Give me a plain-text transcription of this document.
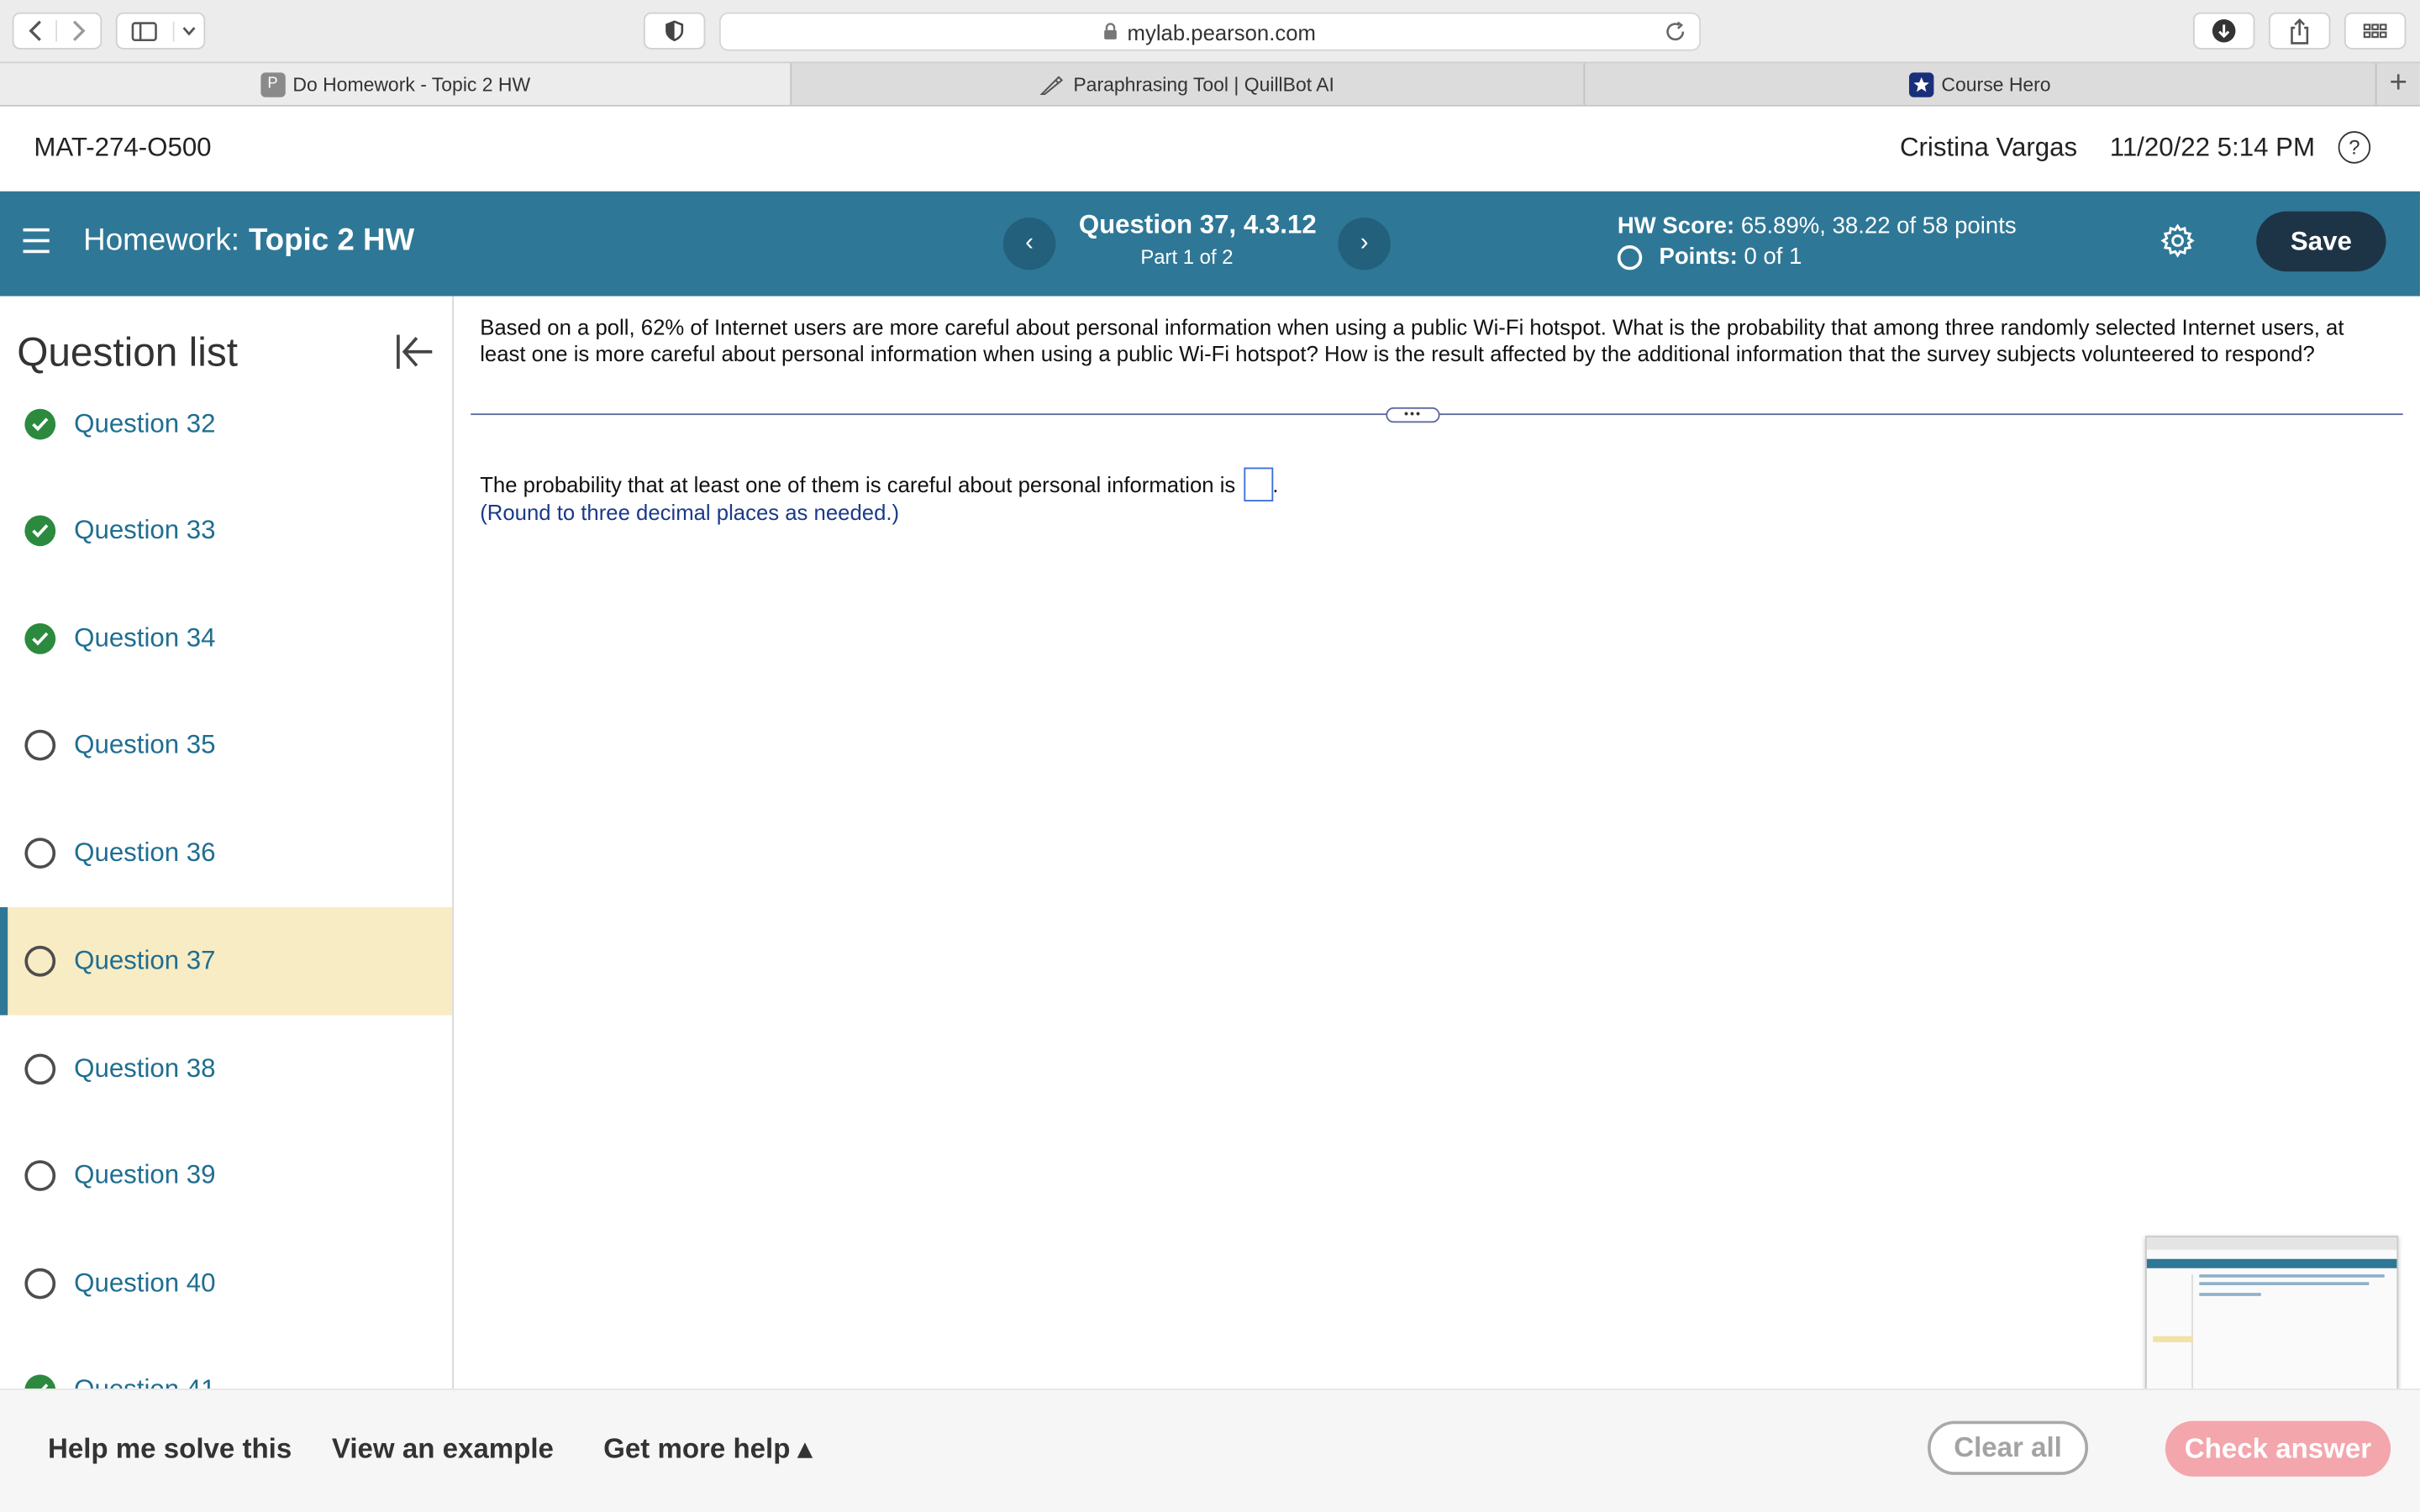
mylab.pearson.com
P	Do Homework - Topic 2 HW	Paraphrasing Tool | QuillBot AI	Course Hero	+
MAT-274-O500	Cristina Vargas 11/20/22 5:14 PM	?
Homework: Topic 2 HW	‹
Question 37, 4.3.12
Part 1 of 2
›
HW Score: 65.89%, 38.22 of 58 points
Points:
0 of 1
Save
Question list
Question 32
Question 33
Question 34
Question 35
Question 36
Question 37
Question 38
Question 39
Question 40
Based on a poll, 62% of Internet users are more careful about personal information when using a public Wi-Fi hotspot. What is the probability that among three randomly selected Internet users, at least one is more careful about personal information when using a public Wi-Fi hotspot? How is the result affected by the additional information that the survey subjects volunteered to respond?
•••
The probability that at least one of them is careful about personal information is	.
(Round to three decimal places as needed.)
Help me solve this	View an example	Get more help ▴	Clear all	Check answer
